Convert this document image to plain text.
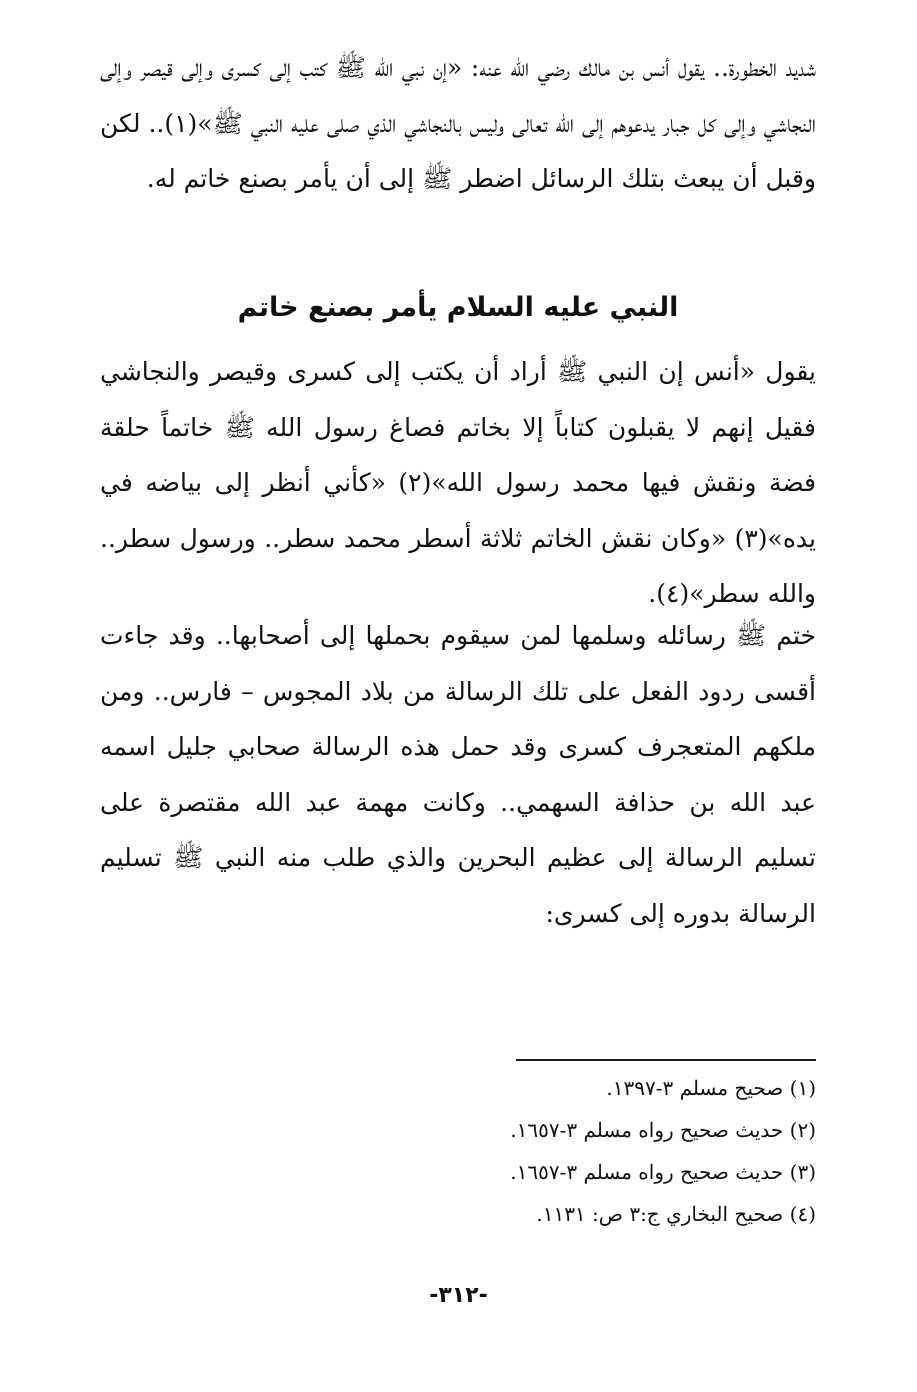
شديد الخطورة.. يقول أنس بن مالك رضي الله عنه: «إن نبي الله ﷺ كتب إلى كسرى وإلى قيصر وإلى النجاشي وإلى كل جبار يدعوهم إلى الله تعالى وليس بالنجاشي الذي صلى عليه النبي ﷺ»(١).. لكن وقبل أن يبعث بتلك الرسائل اضطر ﷺ إلى أن يأمر بصنع خاتم له.

النبي عليه السلام يأمر بصنع خاتم

يقول «أنس إن النبي ﷺ أراد أن يكتب إلى كسرى وقيصر والنجاشي فقيل إنهم لا يقبلون كتاباً إلا بخاتم فصاغ رسول الله ﷺ خاتماً حلقة فضة ونقش فيها محمد رسول الله»(٢) «كأني أنظر إلى بياضه في يده»(٣) «وكان نقش الخاتم ثلاثة أسطر محمد سطر.. ورسول سطر.. والله سطر»(٤).

ختم ﷺ رسائله وسلمها لمن سيقوم بحملها إلى أصحابها.. وقد جاءت أقسى ردود الفعل على تلك الرسالة من بلاد المجوس – فارس.. ومن ملكهم المتعجرف كسرى وقد حمل هذه الرسالة صحابي جليل اسمه عبد الله بن حذافة السهمي.. وكانت مهمة عبد الله مقتصرة على تسليم الرسالة إلى عظيم البحرين والذي طلب منه النبي ﷺ تسليم الرسالة بدوره إلى كسرى:

(١) صحيح مسلم ٣-١٣٩٧.
(٢) حديث صحيح رواه مسلم ٣-١٦٥٧.
(٣) حديث صحيح رواه مسلم ٣-١٦٥٧.
(٤) صحيح البخاري ج:٣ ص: ١١٣١.
-٣١٢-
